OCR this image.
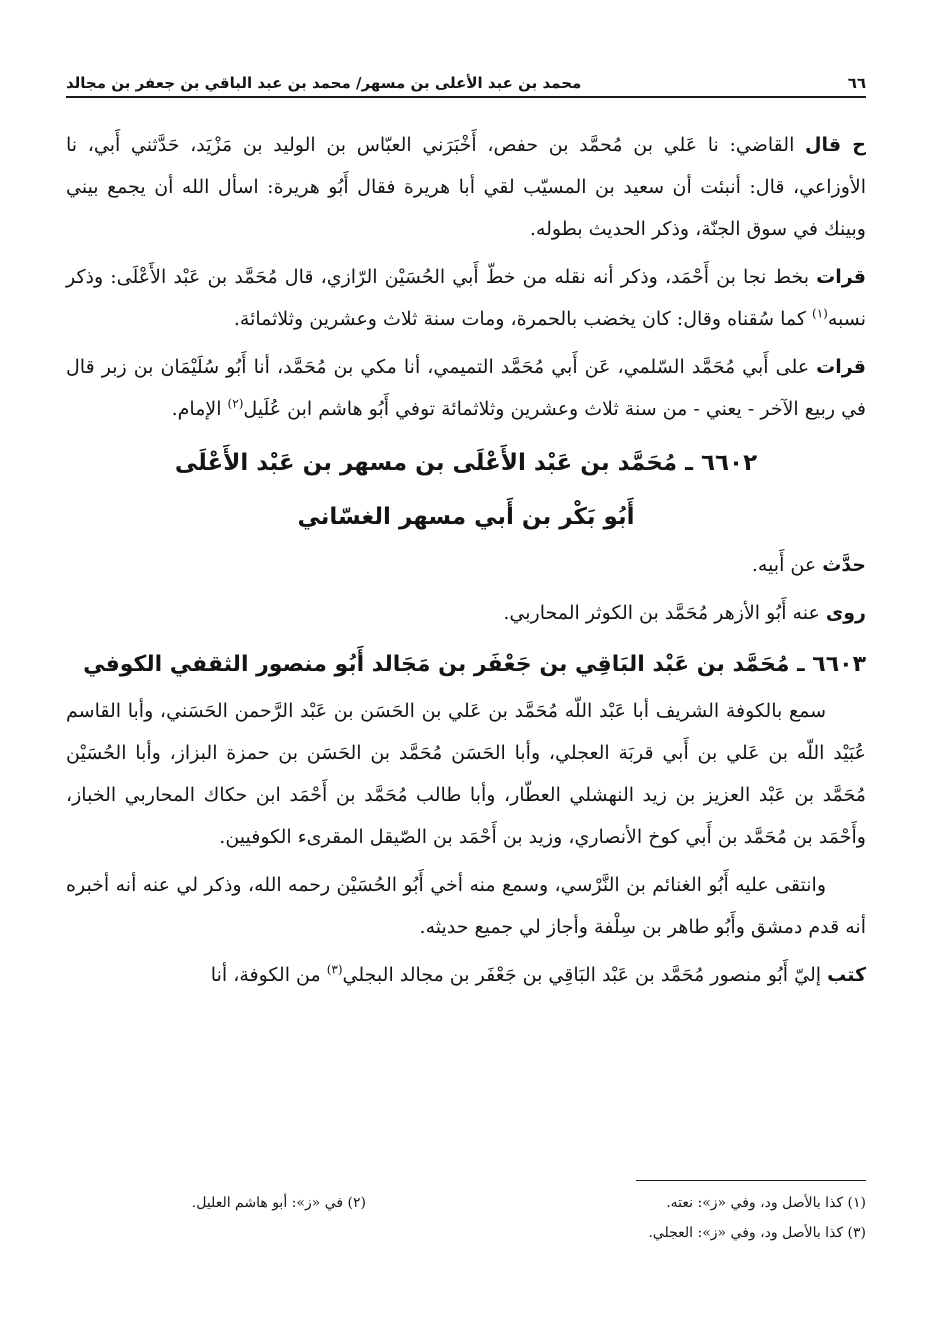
٦٦
محمد بن عبد الأعلى بن مسهر/ محمد بن عبد الباقي بن جعفر بن مجالد

ح قال القاضي: نا عَلي بن مُحمَّد بن حفص، أَخْبَرَني العبّاس بن الوليد بن مَزْيَد، حَدَّثني أَبي، نا الأوزاعي، قال: أنبئت أن سعيد بن المسيّب لقي أبا هريرة فقال أَبُو هريرة: اسأل الله أن يجمع بيني وبينك في سوق الجنّة، وذكر الحديث بطوله.

قرات بخط نجا بن أَحْمَد، وذكر أنه نقله من خطّ أَبي الحُسَيْن الرّازي، قال مُحَمَّد بن عَبْد الأَعْلَى: وذكر نسبه$^{(١)}$ كما سُقناه وقال: كان يخضب بالحمرة، ومات سنة ثلاث وعشرين وثلاثمائة.

قرات على أَبي مُحَمَّد السّلمي، عَن أَبي مُحَمَّد التميمي، أنا مكي بن مُحَمَّد، أنا أَبُو سُلَيْمَان بن زبر قال في ربيع الآخر - يعني - من سنة ثلاث وعشرين وثلاثمائة توفي أَبُو هاشم ابن عُلَيل$^{(٢)}$ الإمام.

٦٦٠٢ ـ مُحَمَّد بن عَبْد الأَعْلَى بن مسهر بن عَبْد الأَعْلَى
أَبُو بَكْر بن أَبي مسهر الغسّاني

حدَّث عن أَبيه.

روى عنه أَبُو الأزهر مُحَمَّد بن الكوثر المحاربي.

٦٦٠٣ ـ مُحَمَّد بن عَبْد البَاقِي بن جَعْفَر بن مَجَالد أَبُو منصور الثقفي الكوفي

سمع بالكوفة الشريف أبا عَبْد اللّه مُحَمَّد بن عَلي بن الحَسَن بن عَبْد الرَّحمن الحَسَني، وأبا القاسم عُبَيْد اللّه بن عَلي بن أَبي قربَة العجلي، وأبا الحَسَن مُحَمَّد بن الحَسَن بن حمزة البزاز، وأبا الحُسَيْن مُحَمَّد بن عَبْد العزيز بن زيد النهشلي العطّار، وأبا طالب مُحَمَّد بن أَحْمَد ابن حكاك المحاربي الخباز، وأَحْمَد بن مُحَمَّد بن أَبي كوخ الأنصاري، وزيد بن أَحْمَد بن الصّيقل المقرىء الكوفيين.

وانتقى عليه أَبُو الغنائم بن النَّرْسي، وسمع منه أخي أَبُو الحُسَيْن رحمه الله، وذكر لي عنه أنه أخبره أنه قدم دمشق وأَبُو طاهر بن سِلْفة وأجاز لي جميع حديثه.

كتب إليّ أَبُو منصور مُحَمَّد بن عَبْد البَاقِي بن جَعْفَر بن مجالد البجلي$^{(٣)}$ من الكوفة، أنا

(١) كذا بالأصل ود، وفي «ز»: نعته.
(٢) في «ز»: أبو هاشم العليل.
(٣) كذا بالأصل ود، وفي «ز»: العجلي.
